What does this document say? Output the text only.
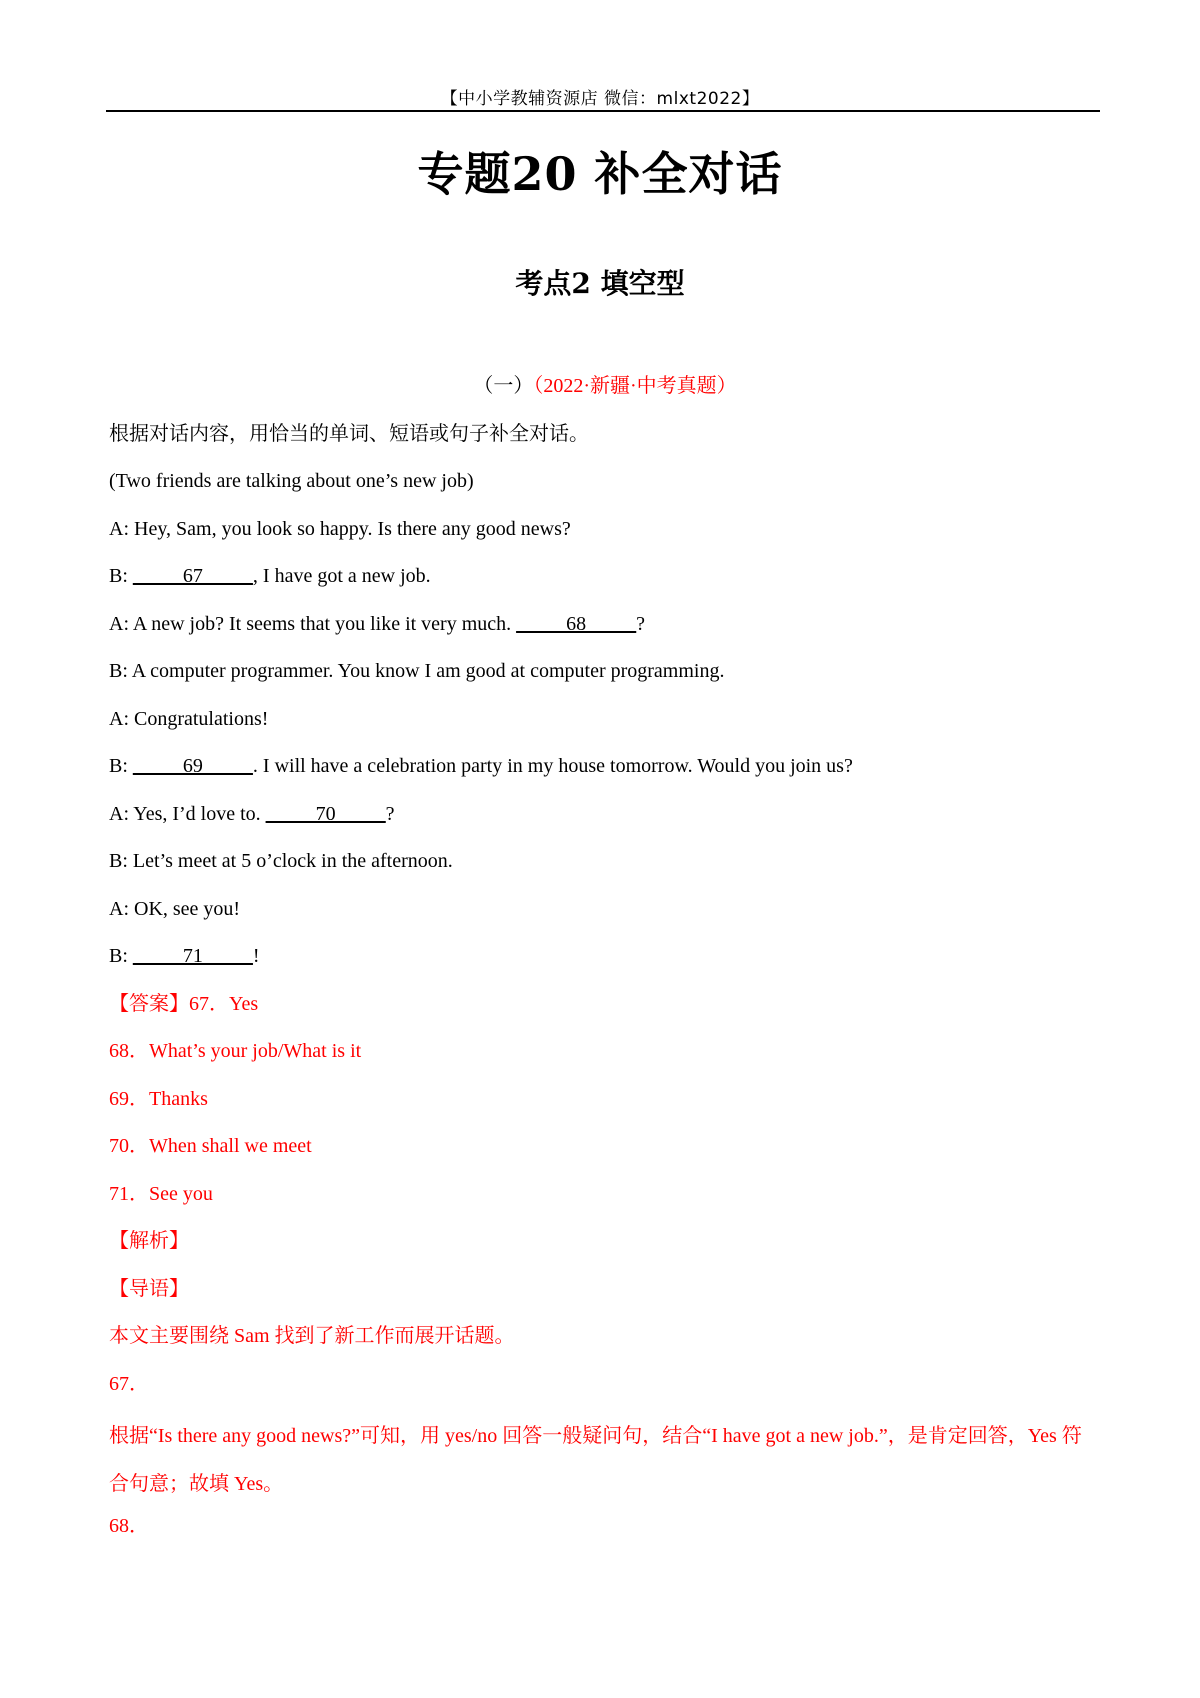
【中小学教辅资源店 微信：mlxt2022】
专题20 补全对话
考点2 填空型
（一）（2022·新疆·中考真题）
根据对话内容，用恰当的单词、短语或句子补全对话。
(Two friends are talking about one’s new job)
A: Hey, Sam, you look so happy. Is there any good news?
B: _____67_____, I have got a new job.
A: A new job? It seems that you like it very much. _____68_____?
B: A computer programmer. You know I am good at computer programming.
A: Congratulations!
B: _____69_____. I will have a celebration party in my house tomorrow. Would you join us?
A: Yes, I’d love to. _____70_____?
B: Let’s meet at 5 o’clock in the afternoon.
A: OK, see you!
B: _____71_____!
【答案】67．Yes
68．What’s your job/What is it
69．Thanks
70．When shall we meet
71．See you
【解析】
【导语】
本文主要围绕 Sam 找到了新工作而展开话题。
67．
根据“Is there any good news?”可知，用 yes/no 回答一般疑问句，结合“I have got a new job.”，是肯定回答，Yes 符合句意；故填 Yes。
68．
